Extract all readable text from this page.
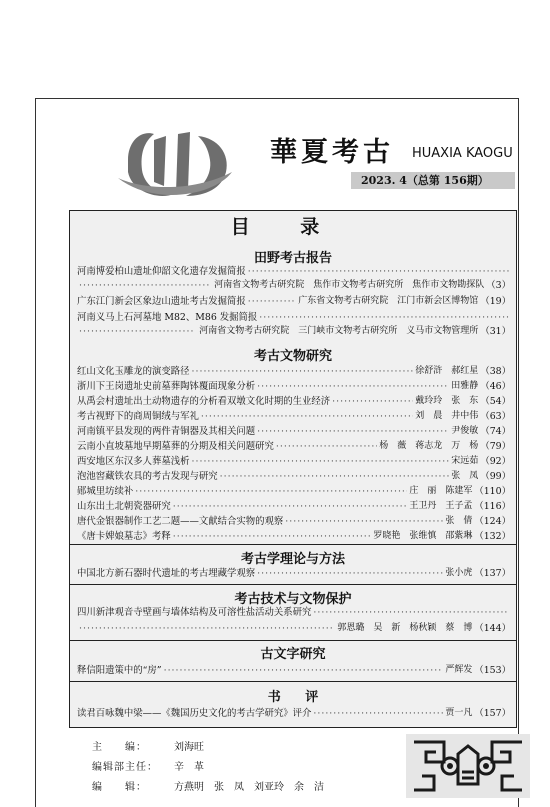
華夏考古 HUAXIA KAOGU
2023. 4（总第 156期）
目 录
田野考古报告
河南博爱柏山遗址仰韶文化遗存发掘简报
·····
·····
河南省文物考古研究院　焦作市文物考古研究所　焦作市文物勘探队 （3）
广东江门新会区象边山遗址考古发掘简报 ·····	广东省文物考古研究院　江门市新会区博物馆 （19）
河南义马上石河墓地 M82、M86 发掘简报
·····
·····
河南省文物考古研究院　三门峡市文物考古研究所　义马市文物管理所 （31）
考古文物研究
红山文化玉雕龙的演变路径 ·····	徐舒浒　郝红星 （38）
浙川下王岗遗址史前墓葬陶钵覆面现象分析 ·····	田雅静 （46）
从禹会村遗址出土动物遗存的分析看双墩文化时期的生业经济 ·····	戴玲玲　张　东 （54）
考古视野下的商周铜绒与军礼 ·····	刘　晨　井中伟 （63）
河南镇平县发现的两件青铜器及其相关问题 ·····	尹俊敏 （74）
云南小直坡墓地早期墓葬的分期及相关问题研究 ·····	杨　薇　蒋志龙　万　杨 （79）
西安地区东汉多人葬墓浅析 ·····	宋远茹 （92）
泡池窖藏铁农具的考古发现与研究 ·····	张　凤 （99）
郧城里坊续补 ·····	庄　丽　陈建军 （110）
山东出土北朝瓷器研究 ·····	王卫丹　王子孟 （116）
唐代金银器制作工艺二题——文献结合实物的观察 ·····	张　倩 （124）
《唐卡婢娘墓志》考释 ·····	罗晓艳　张维慎　邵紫琳 （132）
考古学理论与方法
中国北方新石器时代遗址的考古埋藏学观察 ·····	张小虎 （137）
考古技术与文物保护
四川新津观音寺壁画与墙体结构及可溶性盐活动关系研究
·····
·····
郭恩璐　吴　新　杨秋颖　蔡　博 （144）
古文字研究
释信阳遗策中的“房” ·····	严辉发 （153）
书 评
读君百咏魏中梁——《魏国历史文化的考古学研究》评介 ·····	贾一凡 （157）
主　　编：	刘海旺
编辑部主任： 辛　革
编　　辑：	方燕明　张　凤　刘亚玲　余　洁
